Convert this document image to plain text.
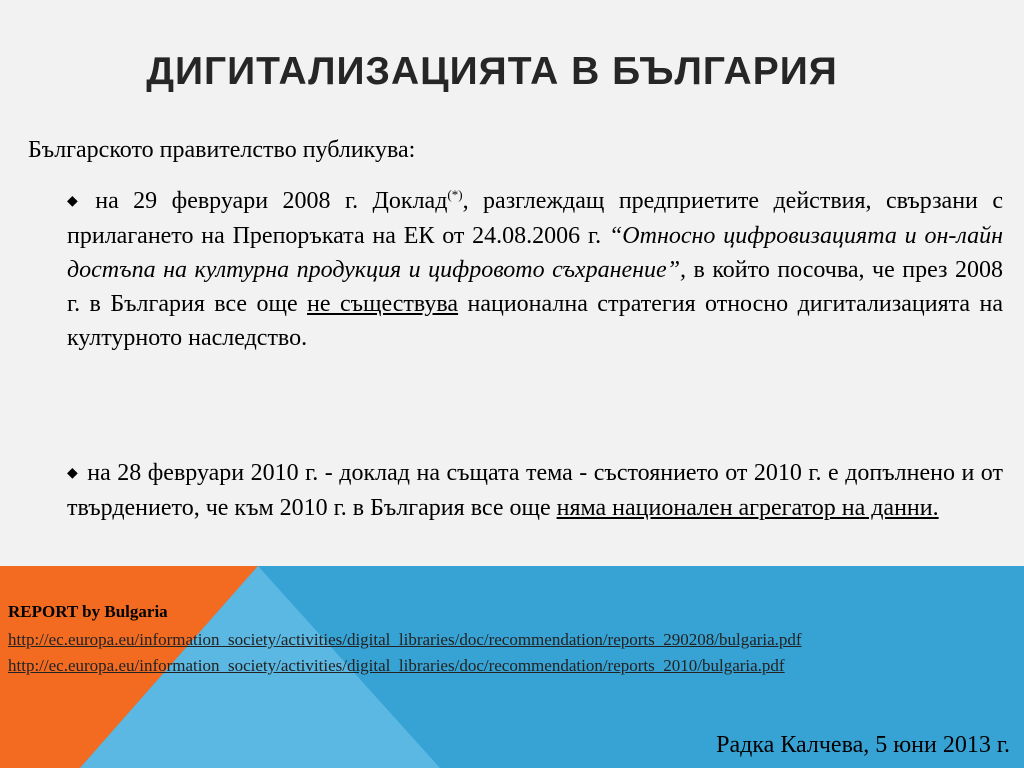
ДИГИТАЛИЗАЦИЯТА В БЪЛГАРИЯ
Българското правителство публикува:
◆ на 29 февруари 2008 г. Доклад(*), разглеждащ предприетите действия, свързани с прилагането на Препоръката на ЕК от 24.08.2006 г. “Относно цифровизацията и он-лайн достъпа на културна продукция и цифровото съхранение”, в който посочва, че през 2008 г. в България все още не съществува национална стратегия относно дигитализацията на културното наследство.
◆ на 28 февруари 2010 г. - доклад на същата тема - състоянието от 2010 г. е допълнено и от твърдението, че към 2010 г. в България все още няма национален агрегатор на данни.
REPORT by Bulgaria
http://ec.europa.eu/information_society/activities/digital_libraries/doc/recommendation/reports_290208/bulgaria.pdf
http://ec.europa.eu/information_society/activities/digital_libraries/doc/recommendation/reports_2010/bulgaria.pdf
Радка Калчева, 5 юни 2013 г.
